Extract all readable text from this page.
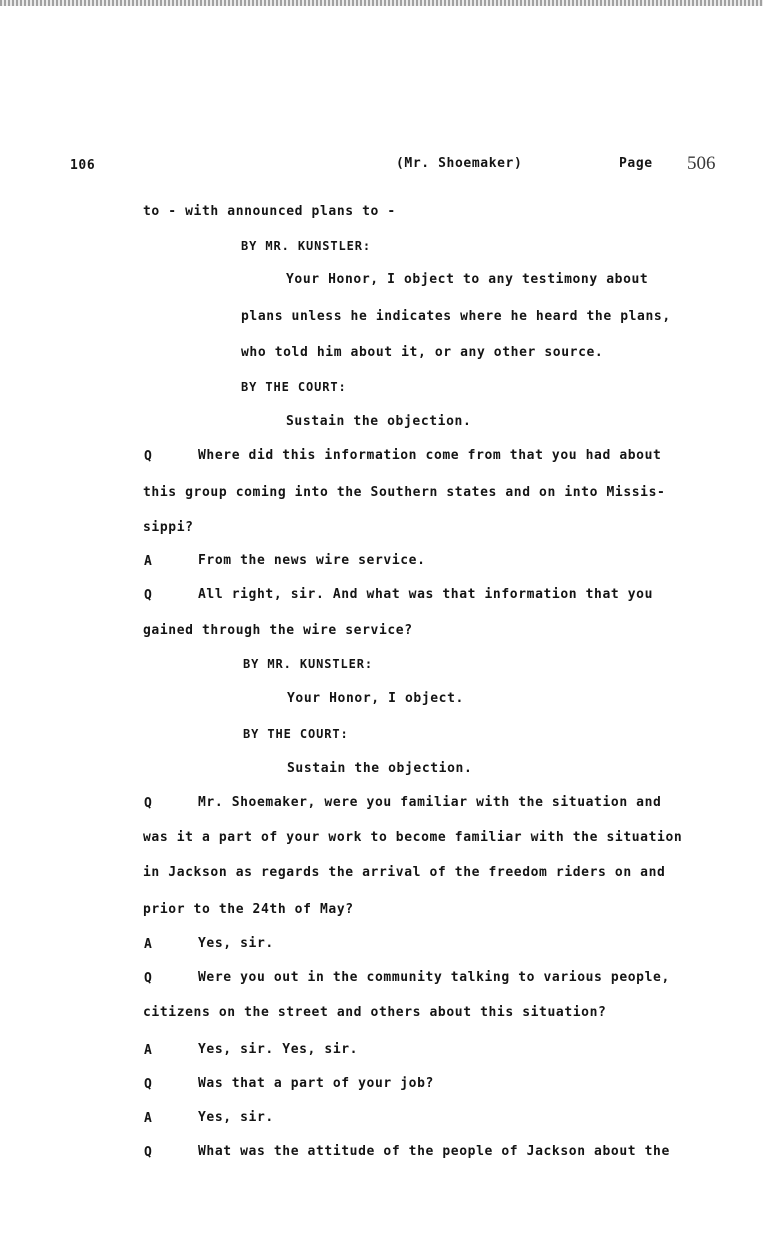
106	(Mr. Shoemaker)	Page 506
to - with announced plans to -
BY MR. KUNSTLER:
Your Honor, I object to any testimony about
plans unless he indicates where he heard the plans,
who told him about it, or any other source.
BY THE COURT:
Sustain the objection.
Q	Where did this information come from that you had about
this group coming into the Southern states and on into Missis-
sippi?
A	From the news wire service.
Q	All right, sir. And what was that information that you
gained through the wire service?
BY MR. KUNSTLER:
Your Honor, I object.
BY THE COURT:
Sustain the objection.
Q	Mr. Shoemaker, were you familiar with the situation and
was it a part of your work to become familiar with the situation
in Jackson as regards the arrival of the freedom riders on and
prior to the 24th of May?
A	Yes, sir.
Q	Were you out in the community talking to various people,
citizens on the street and others about this situation?
A	Yes, sir. Yes, sir.
Q	Was that a part of your job?
A	Yes, sir.
Q	What was the attitude of the people of Jackson about the
